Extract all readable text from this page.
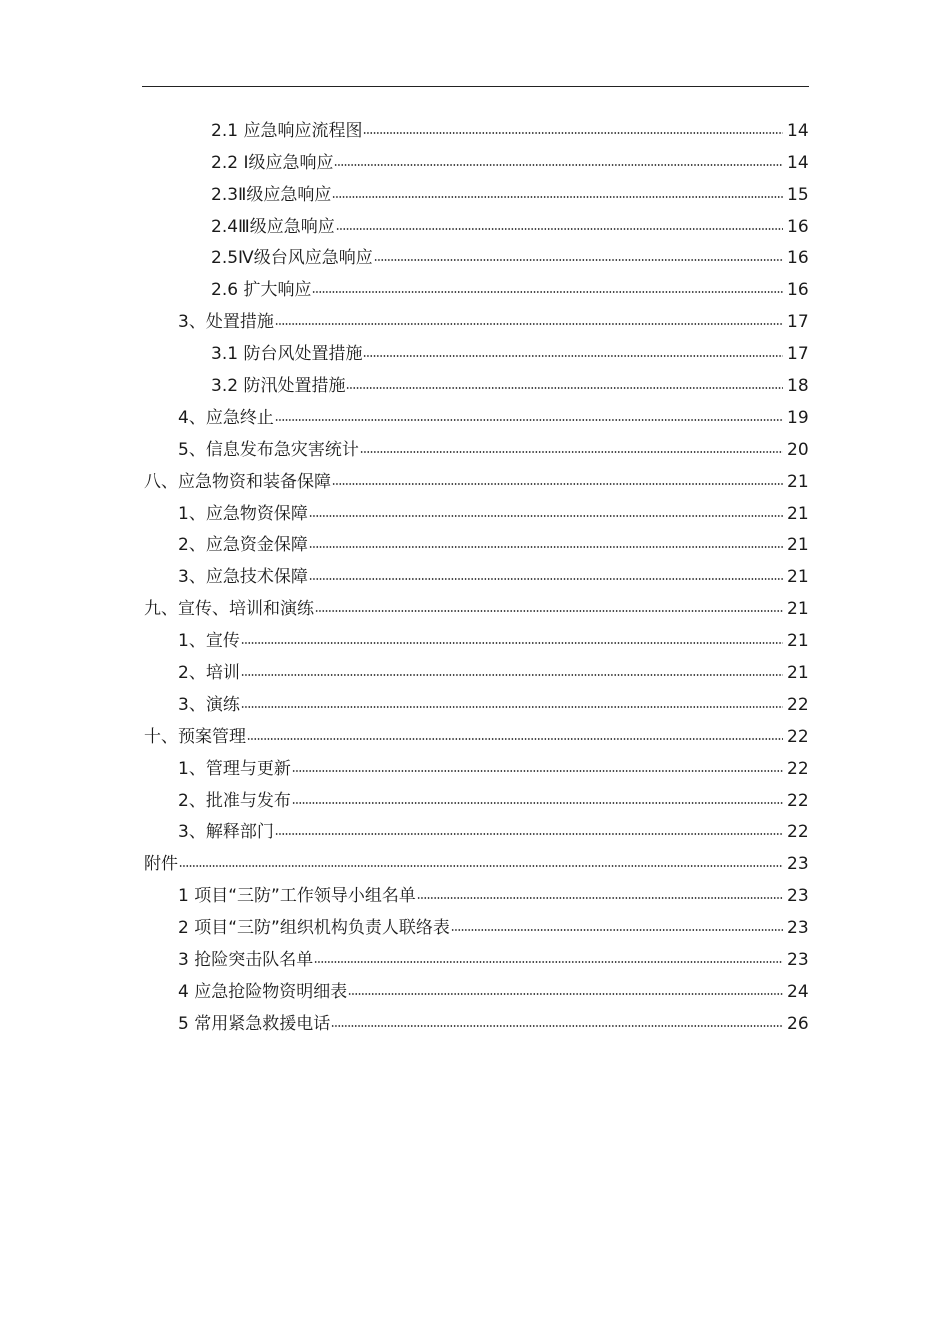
2.1 应急响应流程图	14
2.2 Ⅰ级应急响应	14
2.3Ⅱ级应急响应	15
2.4Ⅲ级应急响应	16
2.5Ⅳ级台风应急响应	16
2.6 扩大响应	16
3、处置措施	17
3.1 防台风处置措施	17
3.2 防汛处置措施	18
4、应急终止	19
5、信息发布急灾害统计	20
八、应急物资和装备保障	21
1、应急物资保障	21
2、应急资金保障	21
3、应急技术保障	21
九、宣传、培训和演练	21
1、宣传	21
2、培训	21
3、演练	22
十、预案管理	22
1、管理与更新	22
2、批准与发布	22
3、解释部门	22
附件	23
1 项目“三防”工作领导小组名单	23
2 项目“三防”组织机构负责人联络表	23
3 抢险突击队名单	23
4 应急抢险物资明细表	24
5 常用紧急救援电话	26
